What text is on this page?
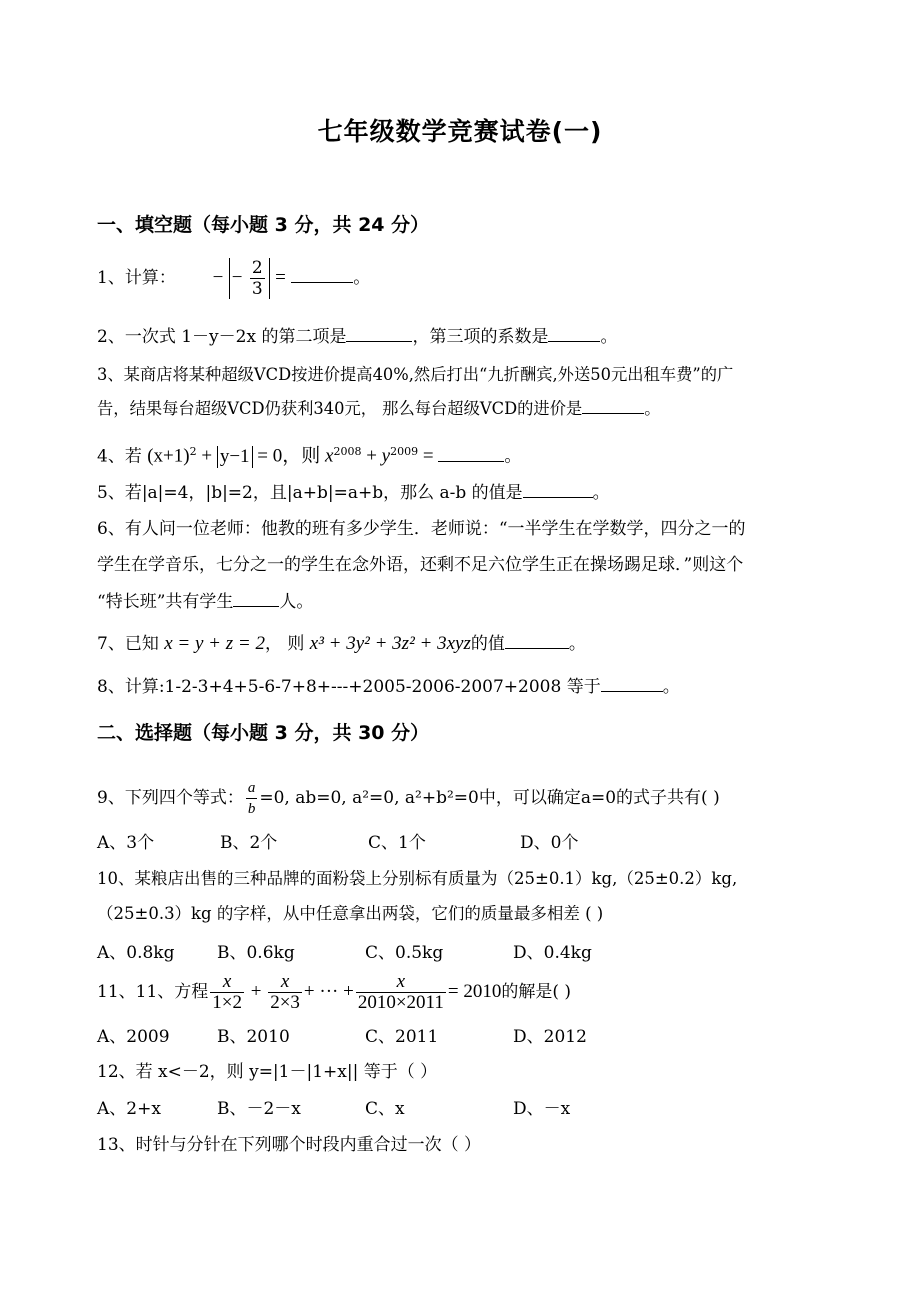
七年级数学竞赛试卷(一)
一、填空题（每小题 3 分，共 24 分）
1、计算： − − $\frac{2}{3}$ =	。
2、一次式 1－y－2x 的第二项是	，第三项的系数是	。
3、某商店将某种超级VCD按进价提高40%,然后打出“九折酬宾,外送50元出租车费”的广
告，结果每台超级VCD仍获利340元， 那么每台超级VCD的进价是	。
4、若 $(x+1)^2 + y-1 = 0$，则 $x^{2008} + y^{2009}$ =	。
5、若|a|=4，|b|=2，且|a+b|=a+b，那么 a-b 的值是	。
6、有人问一位老师：他教的班有多少学生．老师说：“一半学生在学数学，四分之一的
学生在学音乐，七分之一的学生在念外语，还剩不足六位学生正在操场踢足球．”则这个
“特长班”共有学生	人。
7、已知 x = y + z = 2， 则 x³ + 3y² + 3z² + 3xyz的值	。
8、计算:1-2-3+4+5-6-7+8+---+2005-2006-2007+2008 等于	。
二、选择题（每小题 3 分，共 30 分）
9、下列四个等式： $\frac{a}{b} =0$, ab=0, a²=0, a²+b²=0中，可以确定a=0的式子共有( )
A、3个	B、2个	C、1个	D、0个
10、某粮店出售的三种品牌的面粉袋上分别标有质量为（25±0.1）kg,（25±0.2）kg,
（25±0.3）kg 的字样，从中任意拿出两袋，它们的质量最多相差 ( )
A、0.8kg	B、0.6kg	C、0.5kg	D、0.4kg
11、11、方程 $\frac{x}{1\times 2} + \frac{x}{2\times 3}$ + ··· + $\frac{x}{2010\times 2011} = 2010$的解是( )
A、2009	B、2010	C、2011	D、2012
12、若 x<－2，则 y=|1－|1+x|| 等于（ ）
A、2+x	B、－2－x	C、x	D、－x
13、时针与分针在下列哪个时段内重合过一次（ ）
